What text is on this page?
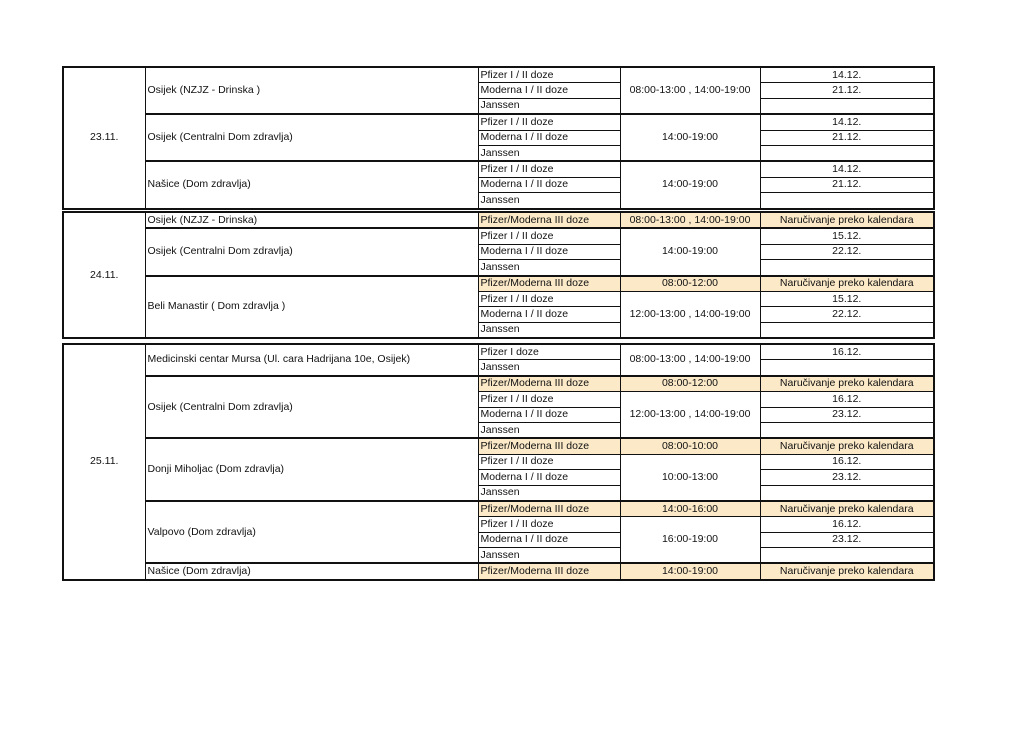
23.11.	Osijek (NZJZ - Drinska )	Pfizer I / II doze	08:00-13:00 , 14:00-19:00	14.12.
		Moderna I / II doze		21.12.
		Janssen		
	Osijek (Centralni Dom zdravlja)	Pfizer I / II doze	14:00-19:00	14.12.
		Moderna I / II doze		21.12.
		Janssen		
	Našice (Dom zdravlja)	Pfizer I / II doze	14:00-19:00	14.12.
		Moderna I / II doze		21.12.
		Janssen		
24.11.	Osijek (NZJZ - Drinska)	Pfizer/Moderna III doze	08:00-13:00 , 14:00-19:00	Naručivanje preko kalendara
	Osijek (Centralni Dom zdravlja)	Pfizer I / II doze	14:00-19:00	15.12.
		Moderna I / II doze		22.12.
		Janssen		
	Beli Manastir ( Dom zdravlja )	Pfizer/Moderna III doze	08:00-12:00	Naručivanje preko kalendara
		Pfizer I / II doze	12:00-13:00 , 14:00-19:00	15.12.
		Moderna I / II doze		22.12.
		Janssen		
25.11.	Medicinski centar Mursa (Ul. cara Hadrijana 10e, Osijek)	Pfizer I doze	08:00-13:00 , 14:00-19:00	16.12.
		Janssen		
	Osijek (Centralni Dom zdravlja)	Pfizer/Moderna III doze	08:00-12:00	Naručivanje preko kalendara
		Pfizer I / II doze	12:00-13:00 , 14:00-19:00	16.12.
		Moderna I / II doze		23.12.
		Janssen		
	Donji Miholjac (Dom zdravlja)	Pfizer/Moderna III doze	08:00-10:00	Naručivanje preko kalendara
		Pfizer I / II doze	10:00-13:00	16.12.
		Moderna I / II doze		23.12.
		Janssen		
	Valpovo (Dom zdravlja)	Pfizer/Moderna III doze	14:00-16:00	Naručivanje preko kalendara
		Pfizer I / II doze	16:00-19:00	16.12.
		Moderna I / II doze		23.12.
		Janssen		
	Našice (Dom zdravlja)	Pfizer/Moderna III doze	14:00-19:00	Naručivanje preko kalendara
